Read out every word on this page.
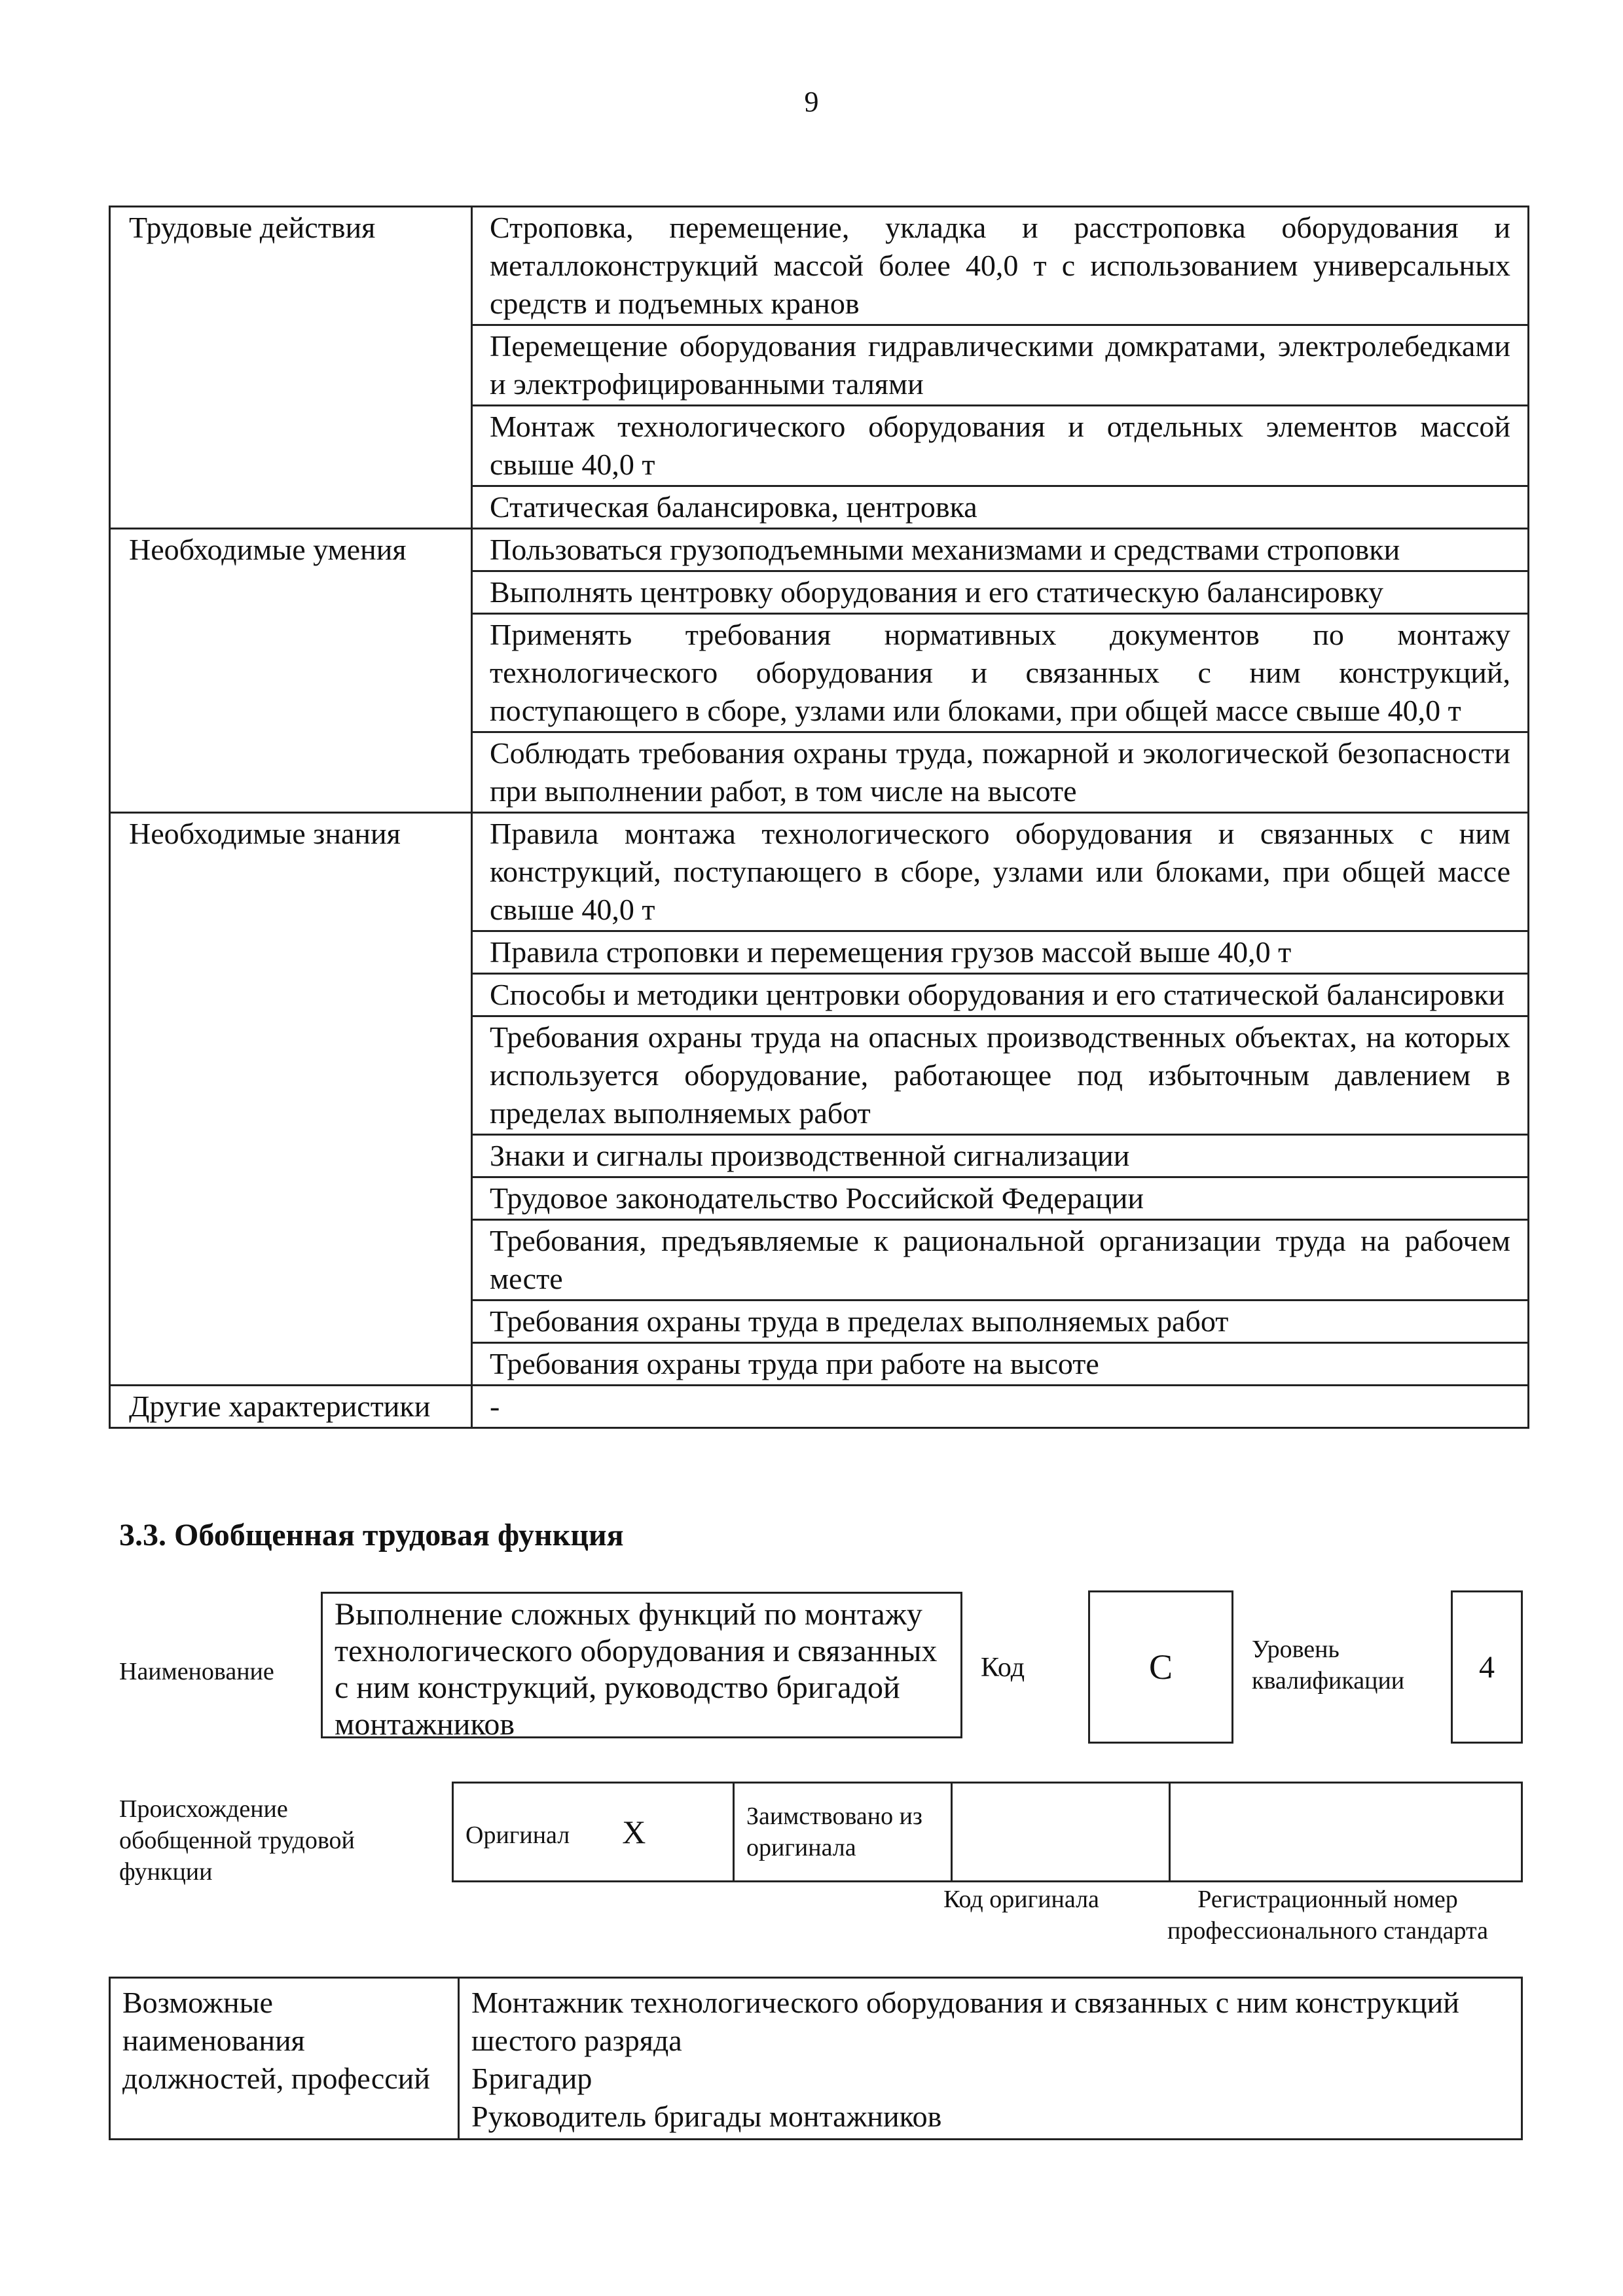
9
Трудовые действия	Строповка, перемещение, укладка и расстроповка оборудования и металлоконструкций массой более 40,0 т с использованием универсальных средств и подъемных кранов
	Перемещение оборудования гидравлическими домкратами, электролебедками и электрофицированными талями
	Монтаж технологического оборудования и отдельных элементов массой свыше 40,0 т
	Статическая балансировка, центровка
Необходимые умения	Пользоваться грузоподъемными механизмами и средствами строповки
	Выполнять центровку оборудования и его статическую балансировку
	Применять требования нормативных документов по монтажу технологического оборудования и связанных с ним конструкций, поступающего в сборе, узлами или блоками, при общей массе свыше 40,0 т
	Соблюдать требования охраны труда, пожарной и экологической безопасности при выполнении работ, в том числе на высоте
Необходимые знания	Правила монтажа технологического оборудования и связанных с ним конструкций, поступающего в сборе, узлами или блоками, при общей массе свыше 40,0 т
	Правила строповки и перемещения грузов массой выше 40,0 т
	Способы и методики центровки оборудования и его статической балансировки
	Требования охраны труда на опасных производственных объектах, на которых используется оборудование, работающее под избыточным давлением в пределах выполняемых работ
	Знаки и сигналы производственной сигнализации
	Трудовое законодательство Российской Федерации
	Требования, предъявляемые к рациональной организации труда на рабочем месте
	Требования охраны труда в пределах выполняемых работ
	Требования охраны труда при работе на высоте
Другие характеристики	-
3.3. Обобщенная трудовая функция
Наименование
Выполнение сложных функций по монтажу технологического оборудования и связанных с ним конструкций, руководство бригадой монтажников
Код	С	Уровень квалификации	4
Происхождение обобщенной трудовой функции
Оригинал X	Заимствовано из оригинала		
Код оригинала	Регистрационный номер профессионального стандарта
Возможные наименования должностей, профессий	
Монтажник технологического оборудования и связанных с ним конструкций шестого разряда
Бригадир
Руководитель бригады монтажников
